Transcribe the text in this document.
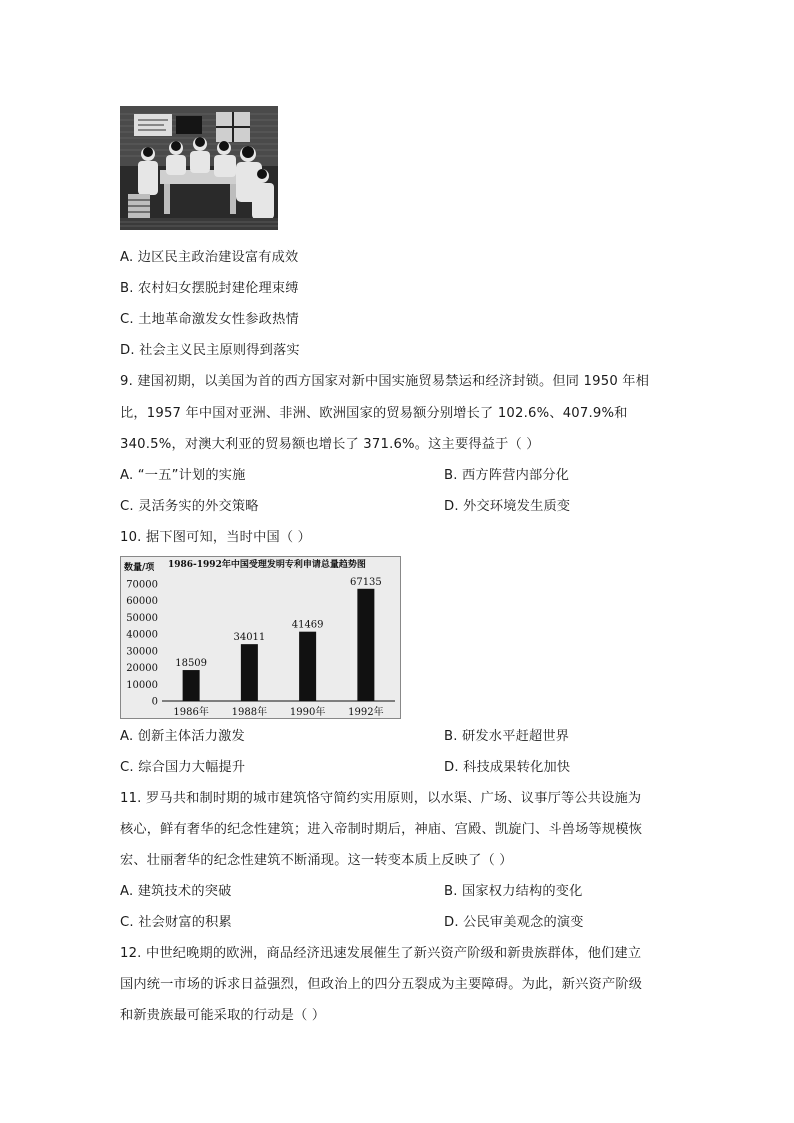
A. 边区民主政治建设富有成效
B. 农村妇女摆脱封建伦理束缚
C. 土地革命激发女性参政热情
D. 社会主义民主原则得到落实
9. 建国初期，以美国为首的西方国家对新中国实施贸易禁运和经济封锁。但同 1950 年相
比，1957 年中国对亚洲、非洲、欧洲国家的贸易额分别增长了 102.6%、407.9%和
340.5%，对澳大利亚的贸易额也增长了 371.6%。这主要得益于（ ）
A. “一五”计划的实施	B. 西方阵营内部分化
C. 灵活务实的外交策略	D. 外交环境发生质变
10. 据下图可知，当时中国（ ）
数量/项 1986-1992年中国受理发明专利申请总量趋势图
70000
60000
50000
40000
30000
20000
10000
0
18509
1986年
34011
1988年
41469
1990年
67135
1992年
A. 创新主体活力激发	B. 研发水平赶超世界
C. 综合国力大幅提升	D. 科技成果转化加快
11. 罗马共和制时期的城市建筑恪守简约实用原则，以水渠、广场、议事厅等公共设施为
核心，鲜有奢华的纪念性建筑；进入帝制时期后，神庙、宫殿、凯旋门、斗兽场等规模恢
宏、壮丽奢华的纪念性建筑不断涌现。这一转变本质上反映了（ ）
A. 建筑技术的突破	B. 国家权力结构的变化
C. 社会财富的积累	D. 公民审美观念的演变
12. 中世纪晚期的欧洲，商品经济迅速发展催生了新兴资产阶级和新贵族群体，他们建立
国内统一市场的诉求日益强烈，但政治上的四分五裂成为主要障碍。为此，新兴资产阶级
和新贵族最可能采取的行动是（ ）
